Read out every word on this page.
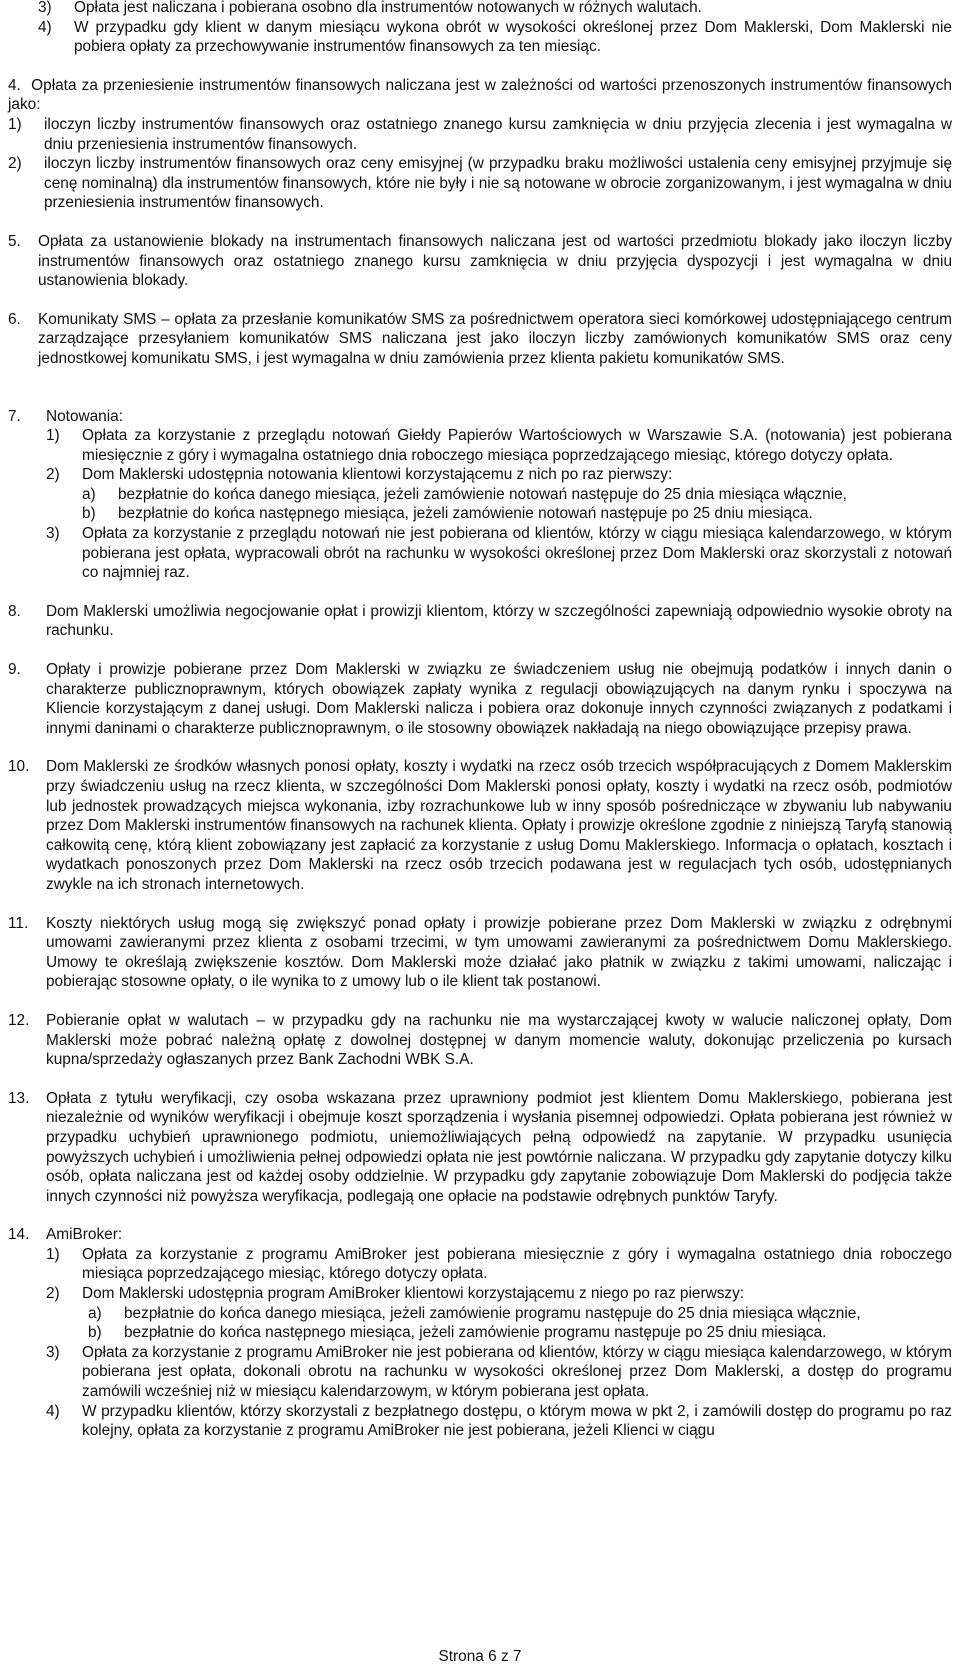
3)	Opłata jest naliczana i pobierana osobno dla instrumentów notowanych w różnych walutach.

4)	W przypadku gdy klient w danym miesiącu wykona obrót w wysokości określonej przez Dom Maklerski, Dom Maklerski nie pobiera opłaty za przechowywanie instrumentów finansowych za ten miesiąc.

4. Opłata za przeniesienie instrumentów finansowych naliczana jest w zależności od wartości przenoszonych instrumentów finansowych jako:

1)	iloczyn liczby instrumentów finansowych oraz ostatniego znanego kursu zamknięcia w dniu przyjęcia zlecenia i jest wymagalna w dniu przeniesienia instrumentów finansowych.

2)	iloczyn liczby instrumentów finansowych oraz ceny emisyjnej (w przypadku braku możliwości ustalenia ceny emisyjnej przyjmuje się cenę nominalną) dla instrumentów finansowych, które nie były i nie są notowane w obrocie zorganizowanym, i jest wymagalna w dniu przeniesienia instrumentów finansowych.

5.	Opłata za ustanowienie blokady na instrumentach finansowych naliczana jest od wartości przedmiotu blokady jako iloczyn liczby instrumentów finansowych oraz ostatniego znanego kursu zamknięcia w dniu przyjęcia dyspozycji i jest wymagalna w dniu ustanowienia blokady.

6.	Komunikaty SMS – opłata za przesłanie komunikatów SMS za pośrednictwem operatora sieci komórkowej udostępniającego centrum zarządzające przesyłaniem komunikatów SMS naliczana jest jako iloczyn liczby zamówionych komunikatów SMS oraz ceny jednostkowej komunikatu SMS, i jest wymagalna w dniu zamówienia przez klienta pakietu komunikatów SMS.

7.	Notowania:

1)	Opłata za korzystanie z przeglądu notowań Giełdy Papierów Wartościowych w Warszawie S.A. (notowania) jest pobierana miesięcznie z góry i wymagalna ostatniego dnia roboczego miesiąca poprzedzającego miesiąc, którego dotyczy opłata.

2)	Dom Maklerski udostępnia notowania klientowi korzystającemu z nich po raz pierwszy:

a)	bezpłatnie do końca danego miesiąca, jeżeli zamówienie notowań następuje do 25 dnia miesiąca włącznie,

b)	bezpłatnie do końca następnego miesiąca, jeżeli zamówienie notowań następuje po 25 dniu miesiąca.

3)	Opłata za korzystanie z przeglądu notowań nie jest pobierana od klientów, którzy w ciągu miesiąca kalendarzowego, w którym pobierana jest opłata, wypracowali obrót na rachunku w wysokości określonej przez Dom Maklerski oraz skorzystali z notowań co najmniej raz.

8.	Dom Maklerski umożliwia negocjowanie opłat i prowizji klientom, którzy w szczególności zapewniają odpowiednio wysokie obroty na rachunku.

9.	Opłaty i prowizje pobierane przez Dom Maklerski w związku ze świadczeniem usług nie obejmują podatków i innych danin o charakterze publicznoprawnym, których obowiązek zapłaty wynika z regulacji obowiązujących na danym rynku i spoczywa na Kliencie korzystającym z danej usługi. Dom Maklerski nalicza i pobiera oraz dokonuje innych czynności związanych z podatkami i innymi daninami o charakterze publicznoprawnym, o ile stosowny obowiązek nakładają na niego obowiązujące przepisy prawa.

10.	Dom Maklerski ze środków własnych ponosi opłaty, koszty i wydatki na rzecz osób trzecich współpracujących z Domem Maklerskim przy świadczeniu usług na rzecz klienta, w szczególności Dom Maklerski ponosi opłaty, koszty i wydatki na rzecz osób, podmiotów lub jednostek prowadzących miejsca wykonania, izby rozrachunkowe lub w inny sposób pośredniczące w zbywaniu lub nabywaniu przez Dom Maklerski instrumentów finansowych na rachunek klienta. Opłaty i prowizje określone zgodnie z niniejszą Taryfą stanowią całkowitą cenę, którą klient zobowiązany jest zapłacić za korzystanie z usług Domu Maklerskiego. Informacja o opłatach, kosztach i wydatkach ponoszonych przez Dom Maklerski na rzecz osób trzecich podawana jest w regulacjach tych osób, udostępnianych zwykle na ich stronach internetowych.

11.	Koszty niektórych usług mogą się zwiększyć ponad opłaty i prowizje pobierane przez Dom Maklerski w związku z odrębnymi umowami zawieranymi przez klienta z osobami trzecimi, w tym umowami zawieranymi za pośrednictwem Domu Maklerskiego. Umowy te określają zwiększenie kosztów. Dom Maklerski może działać jako płatnik w związku z takimi umowami, naliczając i pobierając stosowne opłaty, o ile wynika to z umowy lub o ile klient tak postanowi.

12.	Pobieranie opłat w walutach – w przypadku gdy na rachunku nie ma wystarczającej kwoty w walucie naliczonej opłaty, Dom Maklerski może pobrać należną opłatę z dowolnej dostępnej w danym momencie waluty, dokonując przeliczenia po kursach kupna/sprzedaży ogłaszanych przez Bank Zachodni WBK S.A.

13.	Opłata z tytułu weryfikacji, czy osoba wskazana przez uprawniony podmiot jest klientem Domu Maklerskiego, pobierana jest niezależnie od wyników weryfikacji i obejmuje koszt sporządzenia i wysłania pisemnej odpowiedzi. Opłata pobierana jest również w przypadku uchybień uprawnionego podmiotu, uniemożliwiających pełną odpowiedź na zapytanie. W przypadku usunięcia powyższych uchybień i umożliwienia pełnej odpowiedzi opłata nie jest powtórnie naliczana. W przypadku gdy zapytanie dotyczy kilku osób, opłata naliczana jest od każdej osoby oddzielnie. W przypadku gdy zapytanie zobowiązuje Dom Maklerski do podjęcia także innych czynności niż powyższa weryfikacja, podlegają one opłacie na podstawie odrębnych punktów Taryfy.

14.	AmiBroker:

1)	Opłata za korzystanie z programu AmiBroker jest pobierana miesięcznie z góry i wymagalna ostatniego dnia roboczego miesiąca poprzedzającego miesiąc, którego dotyczy opłata.

2)	Dom Maklerski udostępnia program AmiBroker klientowi korzystającemu z niego po raz pierwszy:

a)	bezpłatnie do końca danego miesiąca, jeżeli zamówienie programu następuje do 25 dnia miesiąca włącznie,

b)	bezpłatnie do końca następnego miesiąca, jeżeli zamówienie programu następuje po 25 dniu miesiąca.

3)	Opłata za korzystanie z programu AmiBroker nie jest pobierana od klientów, którzy w ciągu miesiąca kalendarzowego, w którym pobierana jest opłata, dokonali obrotu na rachunku w wysokości określonej przez Dom Maklerski, a dostęp do programu zamówili wcześniej niż w miesiącu kalendarzowym, w którym pobierana jest opłata.

4)	W przypadku klientów, którzy skorzystali z bezpłatnego dostępu, o którym mowa w pkt 2, i zamówili dostęp do programu po raz kolejny, opłata za korzystanie z programu AmiBroker nie jest pobierana, jeżeli Klienci w ciągu

Strona 6 z 7
